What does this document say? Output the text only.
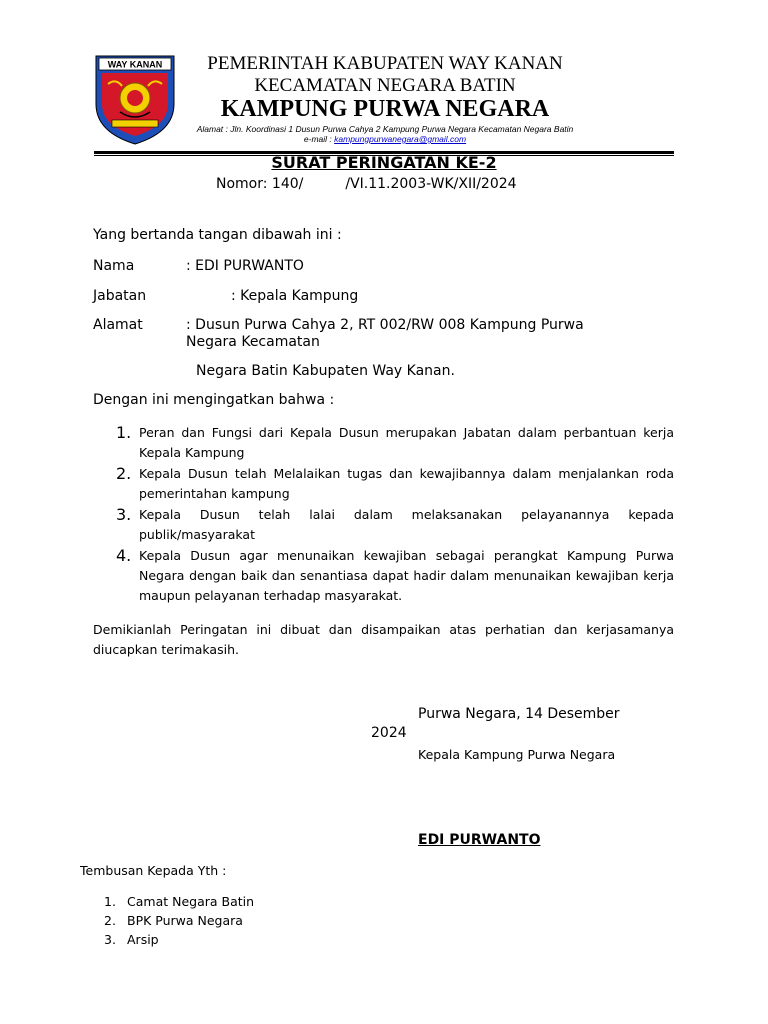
WAY KANAN	PEMERINTAH KABUPATEN WAY KANAN
KECAMATAN NEGARA BATIN
KAMPUNG PURWA NEGARA
Alamat : Jln. Koordinasi 1 Dusun Purwa Cahya 2 Kampung Purwa Negara Kecamatan Negara Batin
e-mail : kampungpurwanegara@gmail.com
SURAT PERINGATAN KE-2
Nomor: 140/	/VI.11.2003-WK/XII/2024
Yang bertanda tangan dibawah ini :
Nama	: EDI PURWANTO
Jabatan	: Kepala Kampung
Alamat	: Dusun Purwa Cahya 2, RT 002/RW 008 Kampung Purwa
Negara Kecamatan
Negara Batin Kabupaten Way Kanan.
Dengan ini mengingatkan bahwa :
1. Peran dan Fungsi dari Kepala Dusun merupakan Jabatan dalam perbantuan kerja
Kepala Kampung
2. Kepala Dusun telah Melalaikan tugas dan kewajibannya dalam menjalankan roda
pemerintahan kampung
3. Kepala Dusun telah lalai dalam melaksanakan pelayanannya kepada
publik/masyarakat
4. Kepala Dusun agar menunaikan kewajiban sebagai perangkat Kampung Purwa
Negara dengan baik dan senantiasa dapat hadir dalam menunaikan kewajiban kerja
maupun pelayanan terhadap masyarakat.
Demikianlah Peringatan ini dibuat dan disampaikan atas perhatian dan kerjasamanya
diucapkan terimakasih.
Purwa Negara, 14 Desember
2024
Kepala Kampung Purwa Negara
EDI PURWANTO
Tembusan Kepada Yth :
1. Camat Negara Batin
2. BPK Purwa Negara
3. Arsip
